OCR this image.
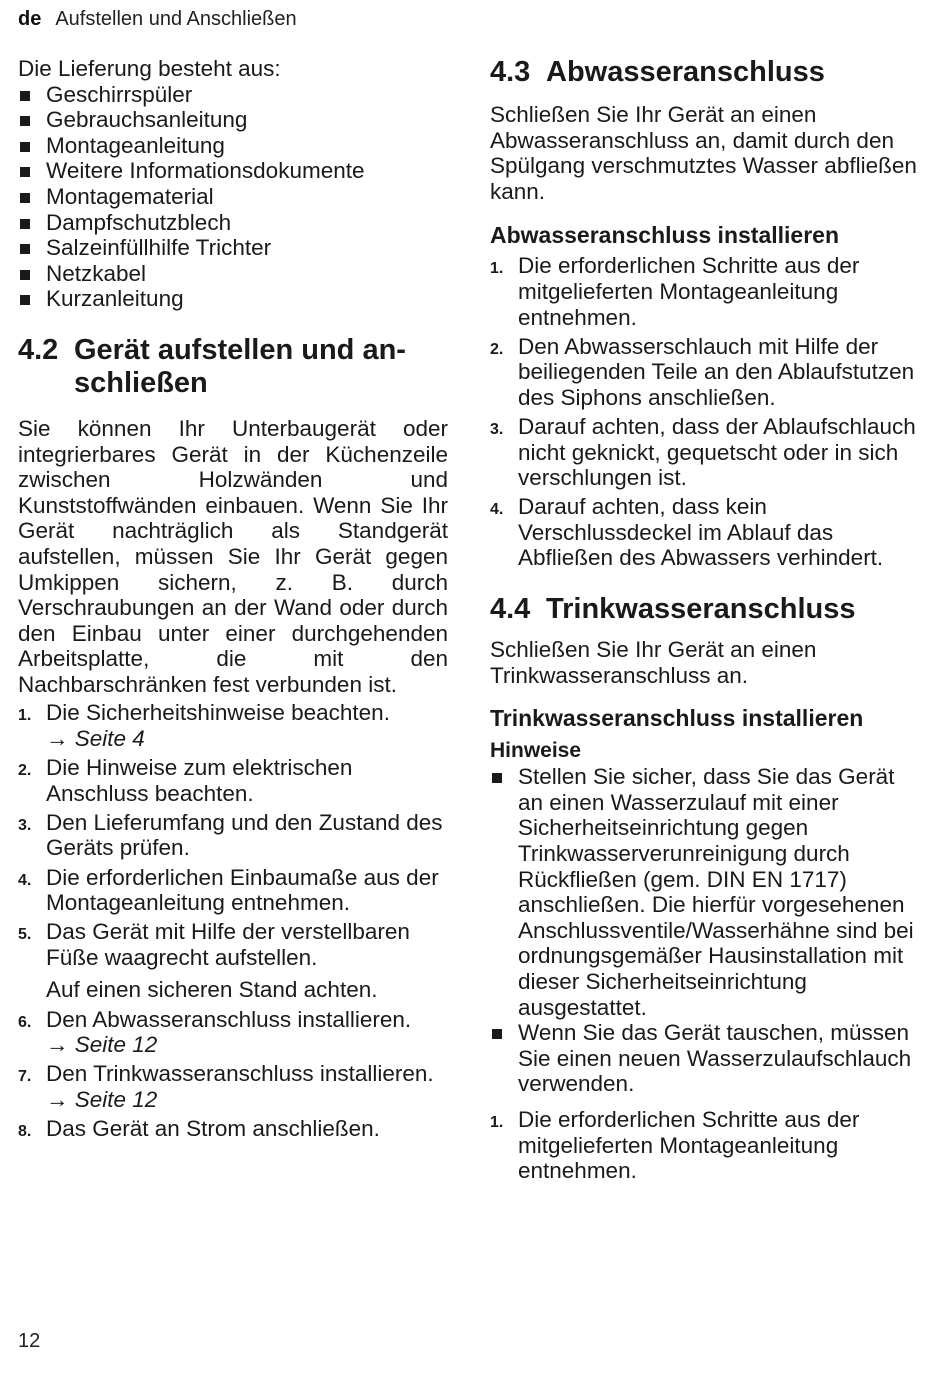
de Aufstellen und Anschließen

Die Lieferung besteht aus:

Geschirrspüler
Gebrauchsanleitung
Montageanleitung
Weitere Informationsdokumente
Montagematerial
Dampfschutzblech
Salzeinfüllhilfe Trichter
Netzkabel
Kurzanleitung
4.2 Gerät aufstellen und an-
schließen

Sie können Ihr Unterbaugerät oder integrierbares Gerät in der Küchenzeile zwischen Holzwänden und Kunststoffwänden einbauen. Wenn Sie Ihr Gerät nachträglich als Standgerät aufstellen, müssen Sie Ihr Gerät gegen Umkippen sichern, z. B. durch Verschraubungen an der Wand oder durch den Einbau unter einer durchgehenden Arbeitsplatte, die mit den Nachbarschränken fest verbunden ist.

1. Die Sicherheitshinweise beachten.
→ Seite 4
2. Die Hinweise zum elektrischen Anschluss beachten.
3. Den Lieferumfang und den Zustand des Geräts prüfen.
4. Die erforderlichen Einbaumaße aus der Montageanleitung entnehmen.
5. Das Gerät mit Hilfe der verstellbaren Füße waagrecht aufstellen.
Auf einen sicheren Stand achten.
6. Den Abwasseranschluss installieren. → Seite 12
7. Den Trinkwasseranschluss installieren. → Seite 12
8. Das Gerät an Strom anschließen.
4.3 Abwasseranschluss

Schließen Sie Ihr Gerät an einen Abwasseranschluss an, damit durch den Spülgang verschmutztes Wasser abfließen kann.

Abwasseranschluss installieren
1. Die erforderlichen Schritte aus der mitgelieferten Montageanleitung entnehmen.
2. Den Abwasserschlauch mit Hilfe der beiliegenden Teile an den Ablaufstutzen des Siphons anschließen.
3. Darauf achten, dass der Ablaufschlauch nicht geknickt, gequetscht oder in sich verschlungen ist.
4. Darauf achten, dass kein Verschlussdeckel im Ablauf das Abfließen des Abwassers verhindert.
4.4 Trinkwasseranschluss

Schließen Sie Ihr Gerät an einen Trinkwasseranschluss an.

Trinkwasseranschluss installieren
Hinweise
Stellen Sie sicher, dass Sie das Gerät an einen Wasserzulauf mit einer Sicherheitseinrichtung gegen Trinkwasserverunreinigung durch Rückfließen (gem. DIN EN 1717) anschließen. Die hierfür vorgesehenen Anschlussventile/Wasserhähne sind bei ordnungsgemäßer Hausinstallation mit dieser Sicherheitseinrichtung ausgestattet.
Wenn Sie das Gerät tauschen, müssen Sie einen neuen Wasserzulaufschlauch verwenden.
1. Die erforderlichen Schritte aus der mitgelieferten Montageanleitung entnehmen.
12
